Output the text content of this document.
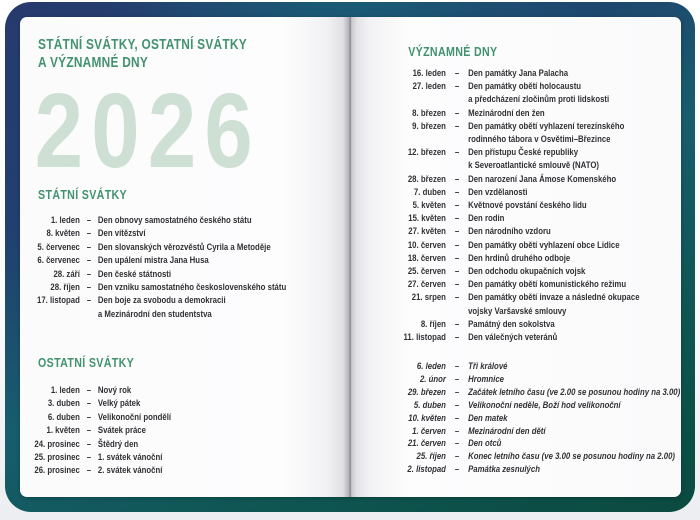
STÁTNÍ SVÁTKY, OSTATNÍ SVÁTKY
A VÝZNAMNÉ DNY
2026
STÁTNÍ SVÁTKY
1. leden – Den obnovy samostatného českého státu
8. květen – Den vítězství
5. červenec – Den slovanských věrozvěstů Cyrila a Metoděje
6. červenec – Den upálení mistra Jana Husa
28. září – Den české státnosti
28. říjen – Den vzniku samostatného československého státu
17. listopad – Den boje za svobodu a demokracii
a Mezinárodní den studentstva
OSTATNÍ SVÁTKY
1. leden – Nový rok
3. duben – Velký pátek
6. duben – Velikonoční pondělí
1. květen – Svátek práce
24. prosinec – Štědrý den
25. prosinec – 1. svátek vánoční
26. prosinec – 2. svátek vánoční
VÝZNAMNÉ DNY
16. leden – Den památky Jana Palacha
27. leden – Den památky obětí holocaustu
a předcházení zločinům proti lidskosti
8. březen – Mezinárodní den žen
9. březen – Den památky obětí vyhlazení terezínského
rodinného tábora v Osvětimi–Březince
12. březen – Den přístupu České republiky
k Severoatlantické smlouvě (NATO)
28. březen – Den narození Jana Ámose Komenského
7. duben – Den vzdělanosti
5. květen – Květnové povstání českého lidu
15. květen – Den rodin
27. květen – Den národního vzdoru
10. červen – Den památky obětí vyhlazení obce Lidice
18. červen – Den hrdinů druhého odboje
25. červen – Den odchodu okupačních vojsk
27. červen – Den památky obětí komunistického režimu
21. srpen – Den památky obětí invaze a následné okupace
vojsky Varšavské smlouvy
8. říjen – Památný den sokolstva
11. listopad – Den válečných veteránů
6. leden – Tři králové
2. únor – Hromnice
29. březen – Začátek letního času (ve 2.00 se posunou hodiny na 3.00)
5. duben – Velikonoční neděle, Boží hod velikonoční
10. květen – Den matek
1. červen – Mezinárodní den dětí
21. červen – Den otců
25. říjen – Konec letního času (ve 3.00 se posunou hodiny na 2.00)
2. listopad – Památka zesnulých
